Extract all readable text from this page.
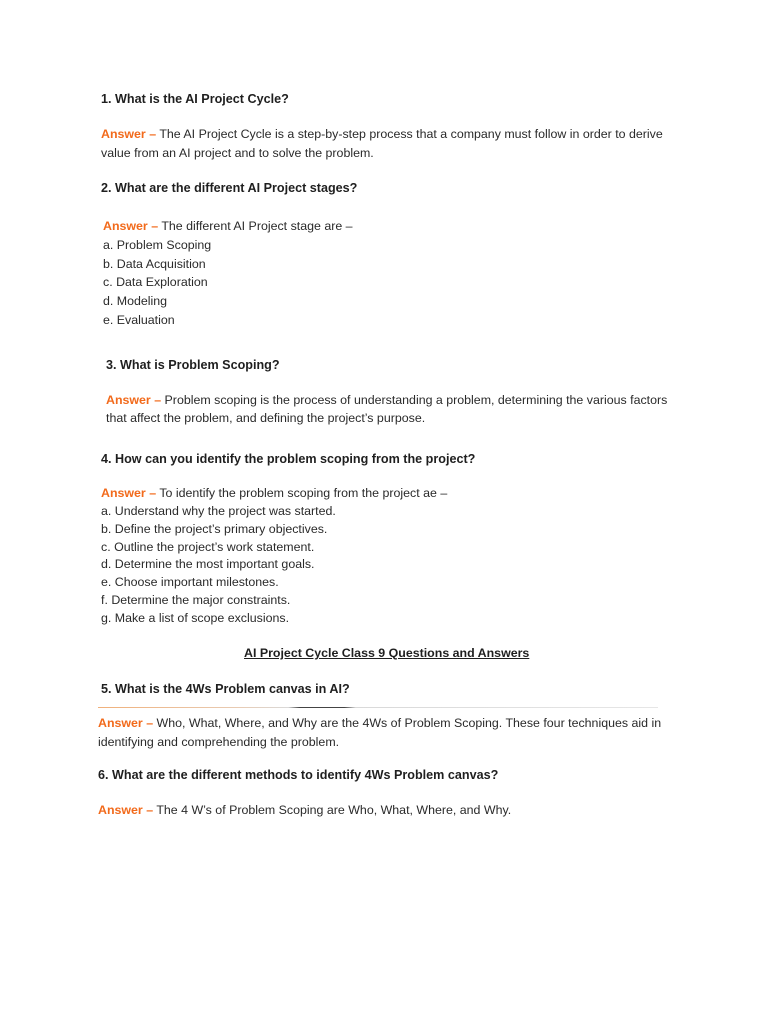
1. What is the AI Project Cycle?
Answer – The AI Project Cycle is a step-by-step process that a company must follow in order to derive
value from an AI project and to solve the problem.
2. What are the different AI Project stages?
Answer – The different AI Project stage are –
a. Problem Scoping
b. Data Acquisition
c. Data Exploration
d. Modeling
e. Evaluation
3. What is Problem Scoping?
Answer – Problem scoping is the process of understanding a problem, determining the various factors
that affect the problem, and defining the project’s purpose.
4. How can you identify the problem scoping from the project?
Answer – To identify the problem scoping from the project ae –
a. Understand why the project was started.
b. Define the project’s primary objectives.
c. Outline the project’s work statement.
d. Determine the most important goals.
e. Choose important milestones.
f. Determine the major constraints.
g. Make a list of scope exclusions.
AI Project Cycle Class 9 Questions and Answers
5. What is the 4Ws Problem canvas in AI?
Answer – Who, What, Where, and Why are the 4Ws of Problem Scoping. These four techniques aid in
identifying and comprehending the problem.
6. What are the different methods to identify 4Ws Problem canvas?
Answer – The 4 W’s of Problem Scoping are Who, What, Where, and Why.
